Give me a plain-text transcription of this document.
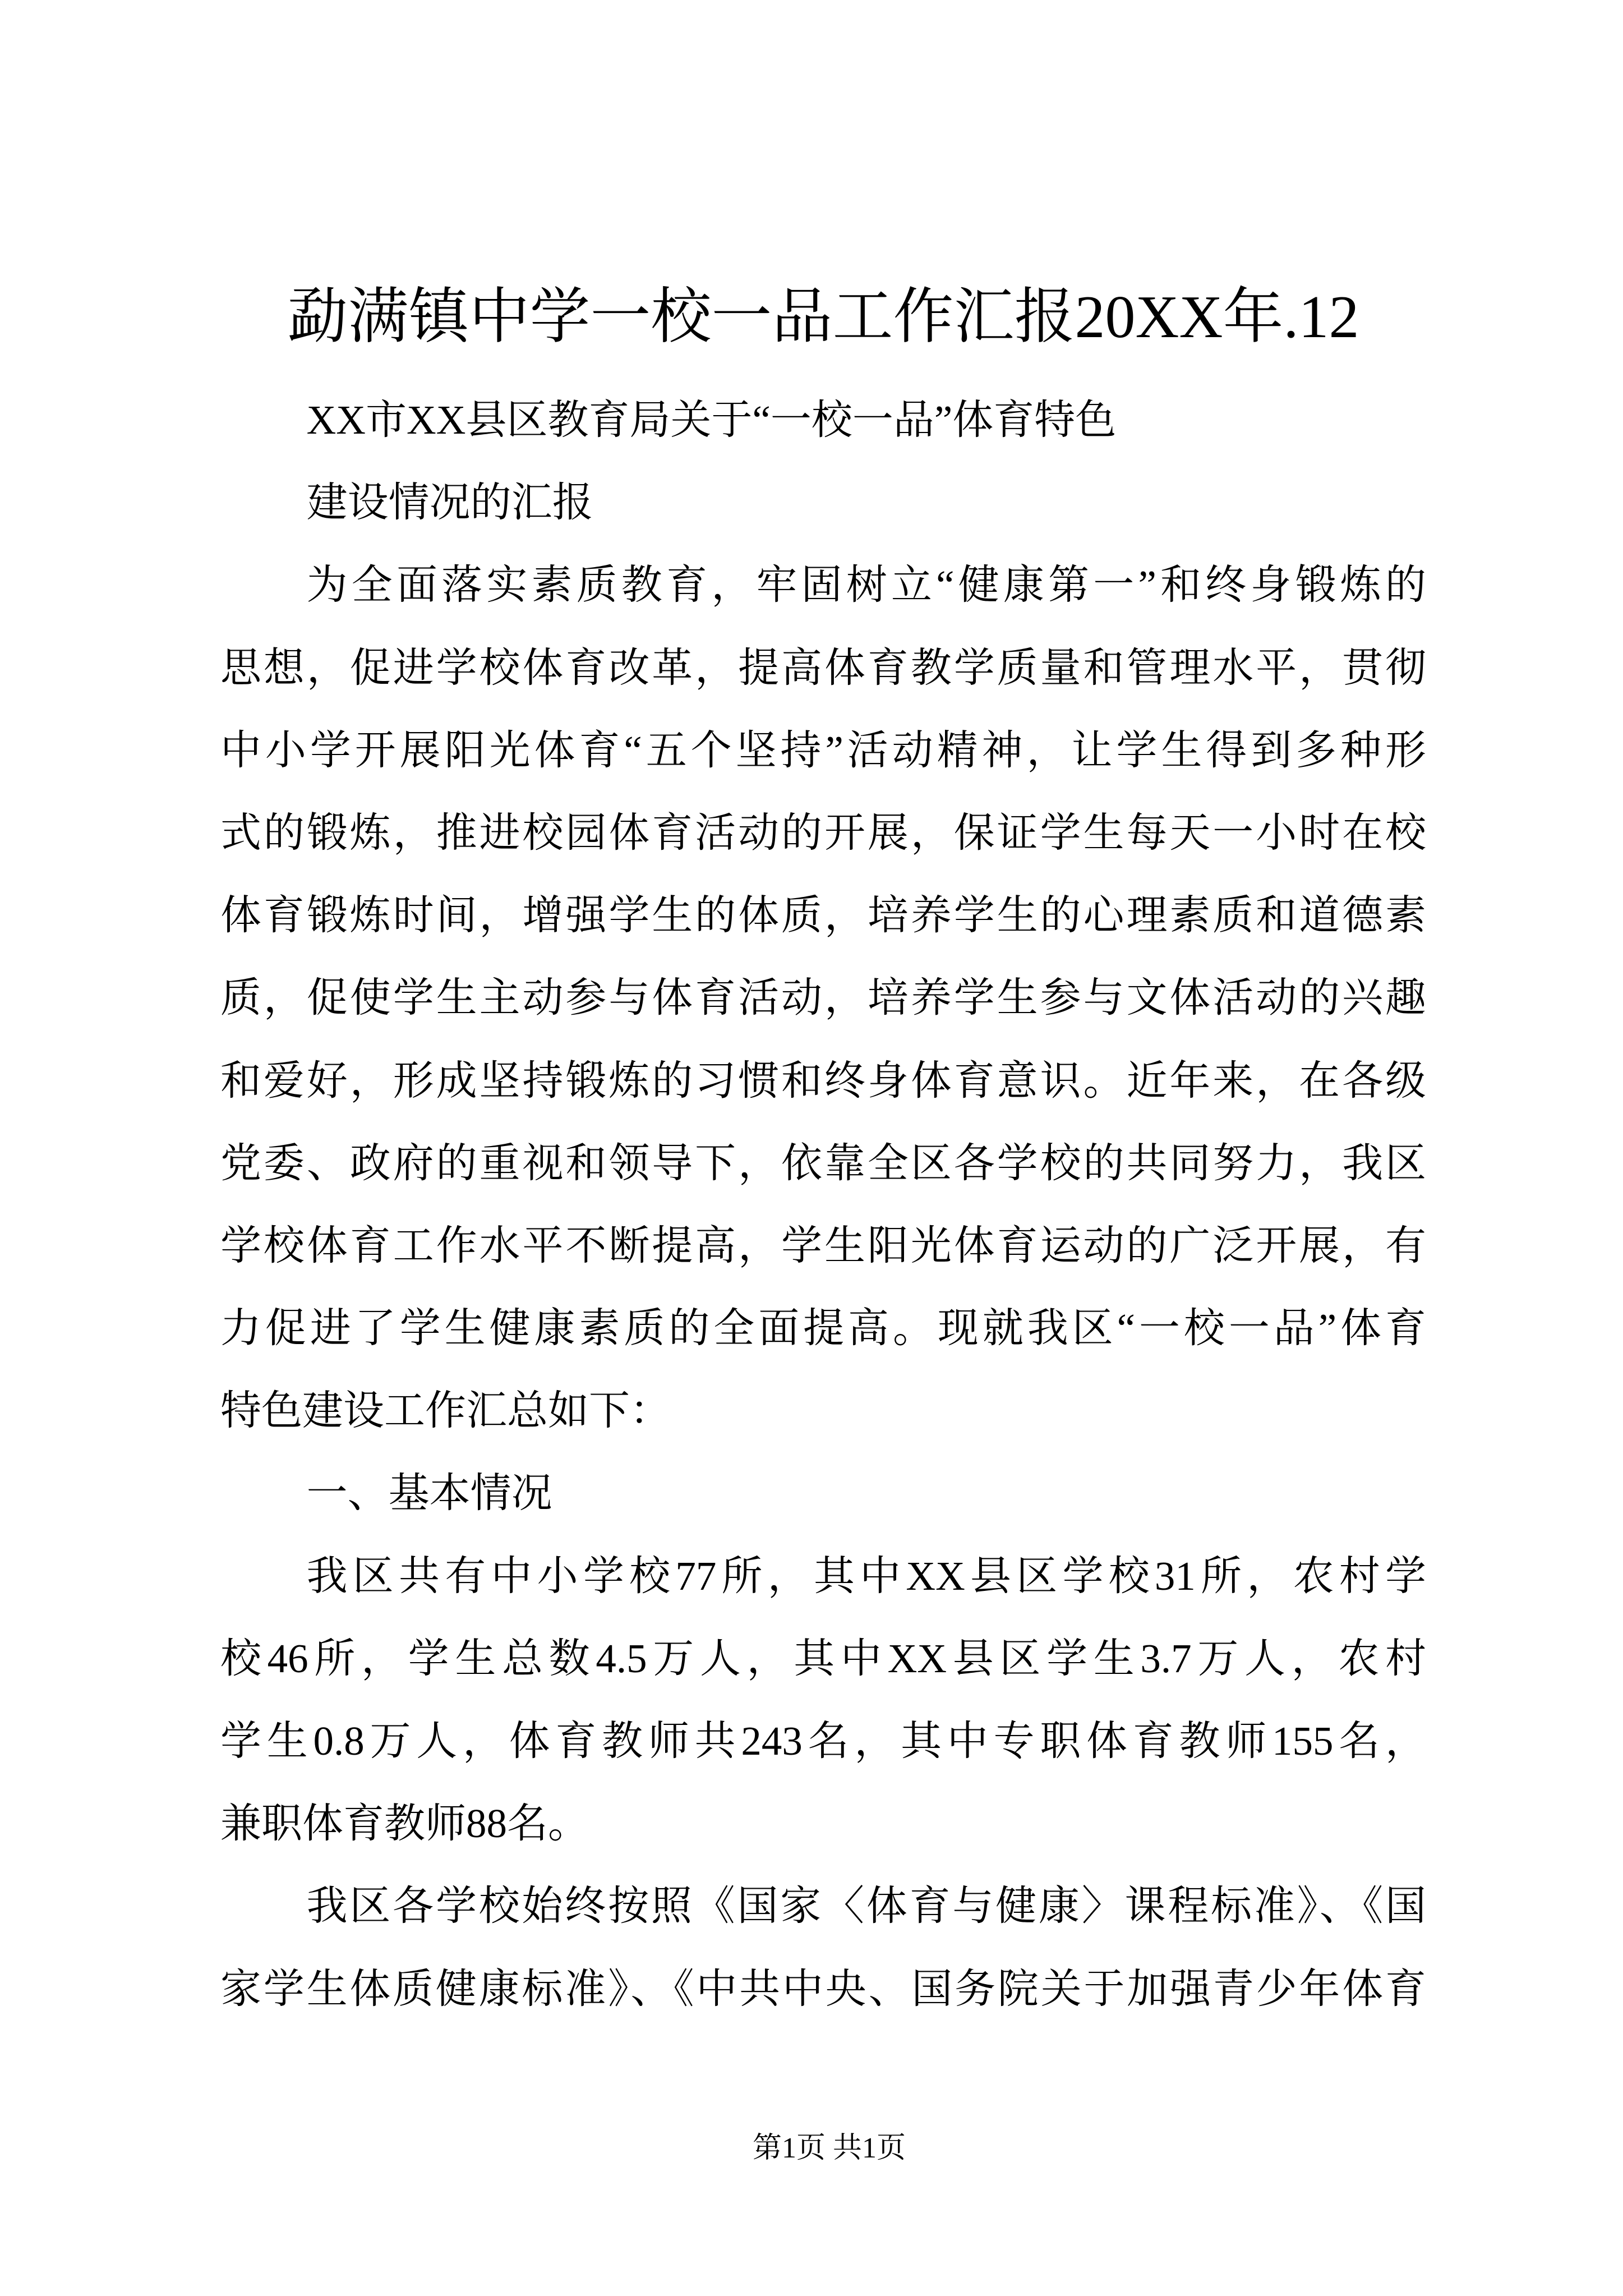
勐满镇中学一校一品工作汇报20XX年.12
XX市XX县区教育局关于“一校一品”体育特色
建设情况的汇报
为全面落实素质教育，牢固树立“健康第一”和终身锻炼的
思想，促进学校体育改革，提高体育教学质量和管理水平，贯彻
中小学开展阳光体育“五个坚持”活动精神，让学生得到多种形
式的锻炼，推进校园体育活动的开展，保证学生每天一小时在校
体育锻炼时间，增强学生的体质，培养学生的心理素质和道德素
质，促使学生主动参与体育活动，培养学生参与文体活动的兴趣
和爱好，形成坚持锻炼的习惯和终身体育意识。近年来，在各级
党委、政府的重视和领导下，依靠全区各学校的共同努力，我区
学校体育工作水平不断提高，学生阳光体育运动的广泛开展，有
力促进了学生健康素质的全面提高。现就我区“一校一品”体育
特色建设工作汇总如下：
一、基本情况
我区共有中小学校77所，其中XX县区学校31所，农村学
校46所，学生总数4.5万人，其中XX县区学生3.7万人，农村
学生0.8万人，体育教师共243名，其中专职体育教师155名，
兼职体育教师88名。
我区各学校始终按照《国家〈体育与健康〉课程标准》、《国
家学生体质健康标准》、《中共中央、国务院关于加强青少年体育
第1页 共1页
